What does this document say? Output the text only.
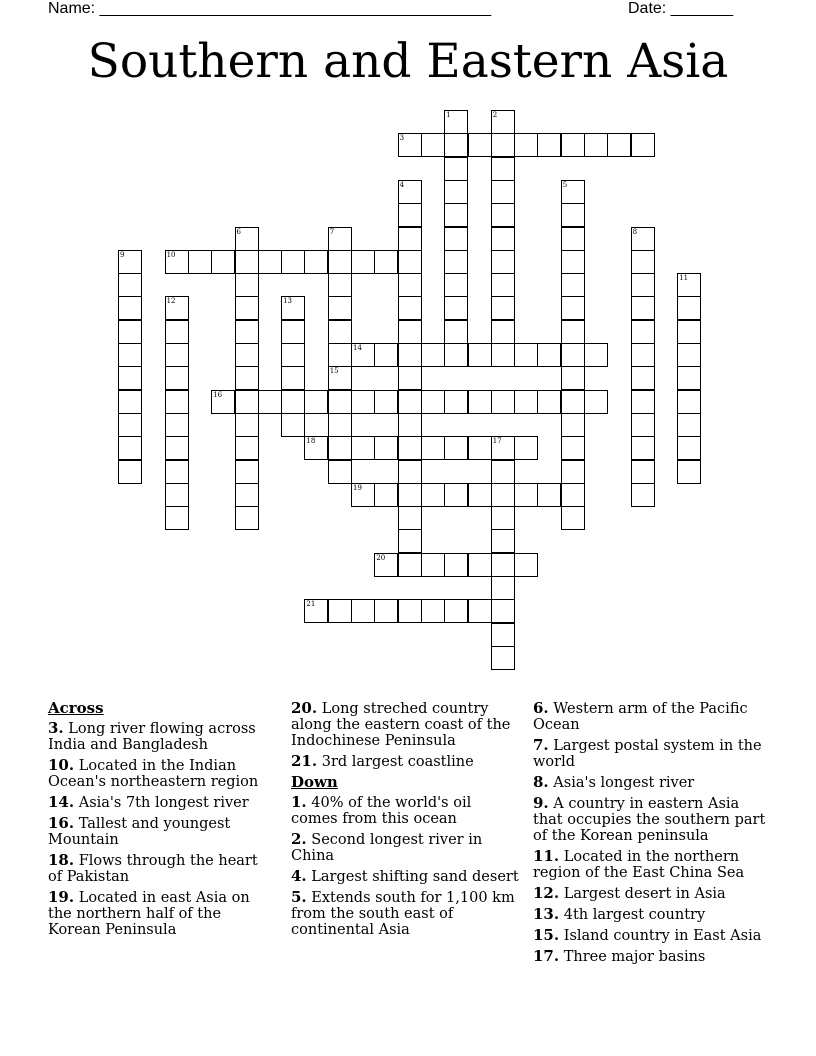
Name: ____________________________________________	Date: _______
Southern and Eastern Asia
3
10
14
16
18
19
20
21
1	2
4	5
6	7	8
9
11
12	13
15
17
Across
3. Long river flowing across India and Bangladesh
10. Located in the Indian Ocean's northeastern region
14. Asia's 7th longest river
16. Tallest and youngest Mountain
18. Flows through the heart of Pakistan
19. Located in east Asia on the northern half of the Korean Peninsula
20. Long streched country along the eastern coast of the Indochinese Peninsula
21. 3rd largest coastline
Down
1. 40% of the world's oil comes from this ocean
2. Second longest river in China
4. Largest shifting sand desert
5. Extends south for 1,100 km from the south east of continental Asia
6. Western arm of the Pacific Ocean
7. Largest postal system in the world
8. Asia's longest river
9. A country in eastern Asia that occupies the southern part of the Korean peninsula
11. Located in the northern region of the East China Sea
12. Largest desert in Asia
13. 4th largest country
15. Island country in East Asia
17. Three major basins
